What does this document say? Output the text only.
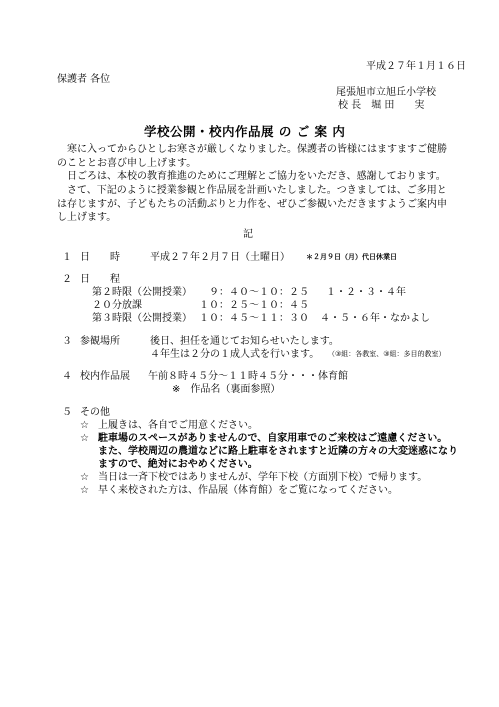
平成２７年１月１６日
保護者 各位
尾張旭市立旭丘小学校
校 長　堀 田　　実
学校公開・校内作品展 の ご 案 内
寒に入ってからひとしお寒さが厳しくなりました。保護者の皆様にはますますご健勝のこととお喜び申し上げます。
日ごろは、本校の教育推進のためにご理解とご協力をいただき、感謝しております。
さて、下記のように授業参観と作品展を計画いたしました。つきましては、ご多用とは存じますが、子どもたちの活動ぶりと力作を、ぜひご参観いただきますようご案内申し上げます。
記
１ 日　　時	平成２７年２月７日（土曜日） ＊２月９日（月）代日休業日
２ 日　　程
第２時限（公開授業） ９：４０～１０：２５ １・２・３・４年
２０分放課	１０：２５～１０：４５
第３時限（公開授業） １０：４５～１１：３０ ４・５・６年・なかよし
３ 参観場所	後日、担任を通じてお知らせいたします。
４年生は２分の１成人式を行います。 （③組：各教室、③組：多目的教室）
４ 校内作品展 午前８時４５分～１１時４５分・・・体育館
※　作品名（裏面参照）
５ その他
☆ 上履きは、各自でご用意ください。
☆ 駐車場のスペースがありませんので、自家用車でのご来校はご遠慮ください。
また、学校周辺の農道などに路上駐車をされますと近隣の方々の大変迷惑になり
ますので、絶対におやめください。
☆ 当日は一斉下校ではありませんが、学年下校（方面別下校）で帰ります。
☆ 早く来校された方は、作品展（体育館）をご覧になってください。
